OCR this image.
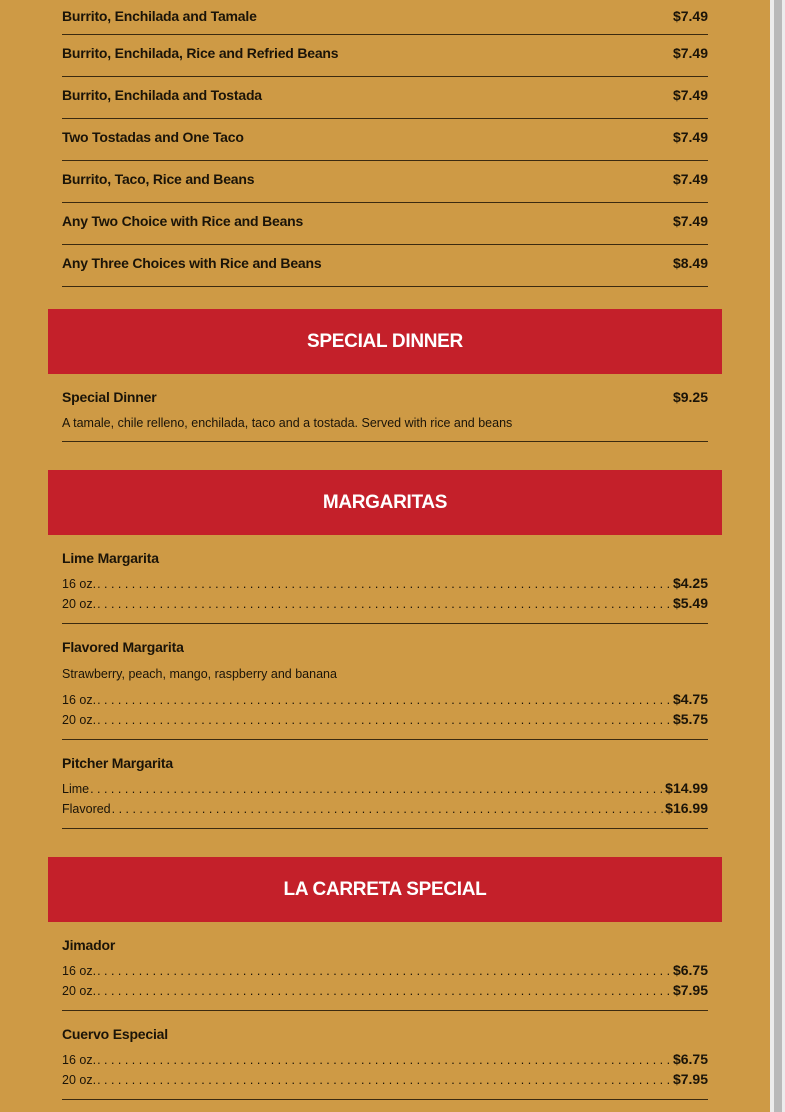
Burrito, Enchilada and Tamale	$7.49
Burrito, Enchilada, Rice and Refried Beans	$7.49
Burrito, Enchilada and Tostada	$7.49
Two Tostadas and One Taco	$7.49
Burrito, Taco, Rice and Beans	$7.49
Any Two Choice with Rice and Beans	$7.49
Any Three Choices with Rice and Beans	$8.49
SPECIAL DINNER
Special Dinner	$9.25
A tamale, chile relleno, enchilada, taco and a tostada. Served with rice and beans
MARGARITAS
Lime Margarita
16 oz. . . .	$4.25
20 oz. . . .	$5.49
Flavored Margarita
Strawberry, peach, mango, raspberry and banana
16 oz. . . .	$4.75
20 oz. . . .	$5.75
Pitcher Margarita
Lime . . .	$14.99
Flavored . . .	$16.99
LA CARRETA SPECIAL
Jimador
16 oz. . . .	$6.75
20 oz. . . .	$7.95
Cuervo Especial
16 oz. . . .	$6.75
20 oz. . . .	$7.95
